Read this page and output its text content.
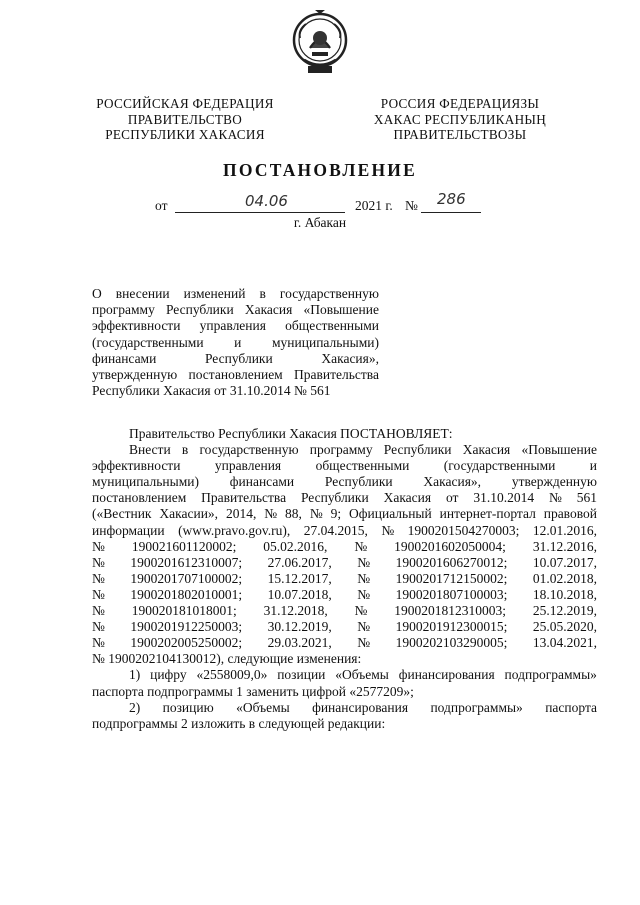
РОССИЙСКАЯ ФЕДЕРАЦИЯ
ПРАВИТЕЛЬСТВО
РЕСПУБЛИКИ ХАКАСИЯ
РОССИЯ ФЕДЕРАЦИЯЗЫ
ХАКАС РЕСПУБЛИКАНЫҢ
ПРАВИТЕЛЬСТВОЗЫ
ПОСТАНОВЛЕНИЕ
от	04.06	2021 г. № 286
г. Абакан
О внесении изменений в государственную
программу Республики Хакасия «Повышение
эффективности управления общественными
(государственными и муниципальными)
финансами Республики Хакасия»,
утвержденную постановлением Правительства
Республики Хакасия от 31.10.2014 № 561
Правительство Республики Хакасия ПОСТАНОВЛЯЕТ:
Внести в государственную программу Республики Хакасия «Повышение
эффективности	управления	общественными	(государственными	и
муниципальными) финансами Республики Хакасия», утвержденную
постановлением Правительства Республики Хакасия от 31.10.2014 № 561
(«Вестник Хакасии», 2014, № 88, № 9; Официальный интернет-портал правовой
информации (www.pravo.gov.ru), 27.04.2015, № 1900201504270003; 12.01.2016,
№ 190021601120002; 05.02.2016, № 1900201602050004; 31.12.2016,
№ 1900201612310007; 27.06.2017, № 1900201606270012; 10.07.2017,
№ 1900201707100002; 15.12.2017, № 1900201712150002; 01.02.2018,
№ 1900201802010001; 10.07.2018, № 1900201807100003; 18.10.2018,
№ 190020181018001; 31.12.2018, № 1900201812310003; 25.12.2019,
№ 1900201912250003; 30.12.2019, № 1900201912300015; 25.05.2020,
№ 1900202005250002; 29.03.2021, № 1900202103290005; 13.04.2021,
№ 1900202104130012), следующие изменения:
1) цифру «2558009,0» позиции «Объемы финансирования подпрограммы»
паспорта подпрограммы 1 заменить цифрой «2577209»;
2) позицию «Объемы финансирования подпрограммы» паспорта
подпрограммы 2 изложить в следующей редакции:
